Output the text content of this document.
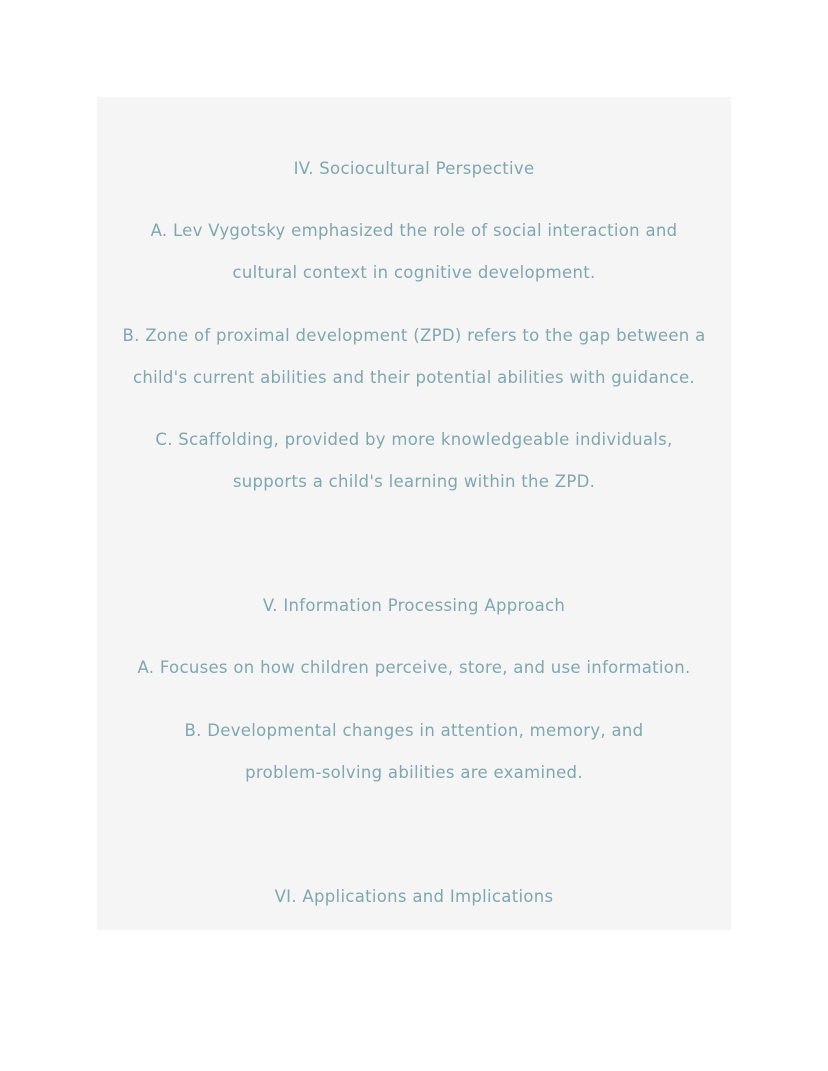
IV. Sociocultural Perspective
A. Lev Vygotsky emphasized the role of social interaction and
cultural context in cognitive development.
B. Zone of proximal development (ZPD) refers to the gap between a
child's current abilities and their potential abilities with guidance.
C. Scaffolding, provided by more knowledgeable individuals,
supports a child's learning within the ZPD.
V. Information Processing Approach
A. Focuses on how children perceive, store, and use information.
B. Developmental changes in attention, memory, and
problem-solving abilities are examined.
VI. Applications and Implications
